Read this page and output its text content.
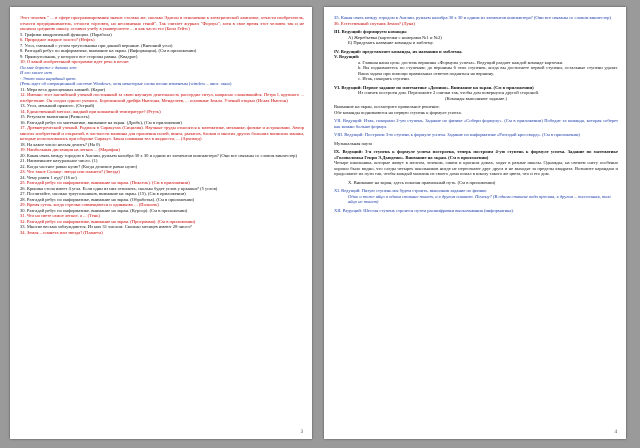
Этот человек " ... в сфере программирования значит столько же, сколько Эдисон в отношении к электрической лампочке, отчасти изобретатель, отчасти предприниматель, отчасти торговец, но несомненно гений". Так считает журнал "Форчун", хотя в свое время этот человек так и не окончил среднюю школу, оставил учебу в университете ... и как часто его (Билл Гейтс)

5. Графики квадратичной функции. (Парабола)

6. Природное жидкое золото? (Нефть)

7. Угол, смежный с углом треугольника при данной вершине. (Внешний угол)

8. Разгадай ребус по информатике, внимание на экран. (Информация), (См в приложении)

9. Прямоугольник, у которого все стороны равны. (Квадрат)

10. О какой изобретенной программе идет речь в песне:

Он мне дороже с давних лет

И его милее нет

- Этот окон нарядный цвет.

(Речь идет об операционной системе Windows, хотя некоторые слова песни изменены (window – англ. окно)

11. Мера веса драгоценных камней. (Карат)

12. Именно этот английский ученый постоянный за свою научную деятельность рассердил титул, напрасно сложившийся. Петра I, крупного ... изобретение. Он создал одного ученого, Борелинский дрейфа Ньютона, Менделеев, ... основные Земли. Ученый открыл (Исаак Ньютон)

13. Угол, меньший прямого. (Острый)

14. Единственный металл, жидкий при комнатной температуре? (Ртуть)

15. Результат вычитания (Разность)

16. Разгадай ребус по математике, внимание на экран. (Дробь), (См в приложении)

17. Древнегреческий ученый. Родился в Сиракузах (Сицилия). Научные труды относятся к математике, механике, физике и астрономии. Автор многих изобретений и открытий, в частности машины для орошения полей, винта, рычагов, блоков и многих других больших воинских машин, которые использовались при обороне Сиракуз. Закон плавания тел в жидкости, ... (Архимед)

18. На какое число нельзя делить? (На 0)

19. Наибольшая дистанция на легких ... (Марафон)

20. Какая связь между городом в Англии, ружьем калибра 30 х 30 и одним из элементов компьютера? (Они все связаны со словом винчестер)

21. Наименьшее натуральное число. (1)

22. Когда частное равно нулю? (Когда делимое равно нулю)

23. Что такое Солнце: звезда или планета? (Звезда)

24. Чему равен 1 пуд? (16 кг)

25. Разгадай ребус по информатике, внимание на экран. (Пиксель). (См в приложении)

26. Крышка стола имеет 4 угла. Если один из них отпилить, сколько будет углов у крышки? (5 углов)

27. Посчитайте, сколько треугольников, внимание на экран. (15), (См в приложении)

28. Разгадай ребус по информатике, внимание на экран. (Обработка). (См в приложении)

29. Время суток, когда стрелки совмещаются и одинаково ... (Полночь)

30. Разгадай ребус по информатике, внимание на экран. (Курсор). (См в приложении)

31. Что на свете самое легкое, а ... (Тень)

32. Разгадай ребус по информатике, внимание на экран. (Программа). (См в приложении)

33. Многие весьма заблуждаются. Из них 31 числом. Сколько месяцев имеют 28 чисел?

34. Земля – планета или звезда? (Планета)

3

35. Какая связь между городом в Англии, ружьем калибра 30 х 30 и одним из элементов компьютера? (Они все связаны со словом винчестер)

36. Естественный спутник Земли? (Луна)

III. Ведущий: формируем команды

А) Жеребьевка (карточки с номерами №1 и №2)

Б) Придумать название команды и эмблему.

IV. Ведущий: представляет команды, их названия и эмблемы.

V. Ведущий:

a. Главная наша цель: достичь вершины «Формулы успеха». Ведущий раздает каждой команде карточки.

b. Вы поднимаетесь по ступеням: до вершины 6 этих ступенек, когда вы достигнете первой ступени, остальные ступени удалят. Ваша задача при помощи правильных ответов подняться на вершину.

c. Итак, покорять ступени.

VI. Ведущий: Первое задание по математике «Домино». Внимание на экран. (См в приложении)

Из спичек построен дом. Переложите 2 спички так, чтобы дом повернулся другой стороной.

(Команды выполняют задание.)

Внимание на экран, посмотрите правильное решение.

Обе команды поднимаются на первую ступень к формуле успеха.

VII. Ведущий: Итак, покорили 2-ую ступень. Задание по физике «Собери формулу». (См в приложении) Победит та команда, которая соберет как можно больше формул.

VIII. Ведущий: Построим 3-ю ступень к формуле успеха. Задание по информатике «Разгадай кроссворд». (См в приложении)

Музыкальная пауза

IX. Ведущий: 3-я ступень к формуле успеха построена, теперь построим 4-ую ступень к формуле успеха. Задание по математике «Головоломка Генри Э.Дьюдени». Внимание на экран. (См в приложении)

Четыре школьника, которые живут в желтом, зеленом, синем и красном домах, ходят в разные школы. Однажды, на свежем снегу особенно хорошо было видно, что следы четырех школьников нигде не пересекают друг друга и не выходят за пределы квадрата. Возьмите карандаш и продолжите их пути так, чтобы каждый мальчик из своего дома попал в школу такого же цвета, что и его дом.

X. Внимание на экран, здесь показан правильный путь. (См в приложении)

XI. Ведущий: Пятую ступень мы будем строить, выполнив задание по физике.

Одно и тоже яйцо в одном стакане тонет, а в другом плавает. Почему? (В одном стакане вода пресная, в другом – посоленная, там яйцо не тонет)

XII. Ведущий: Шестая ступень строится путем расшифровки высказывания (информатика).

4
